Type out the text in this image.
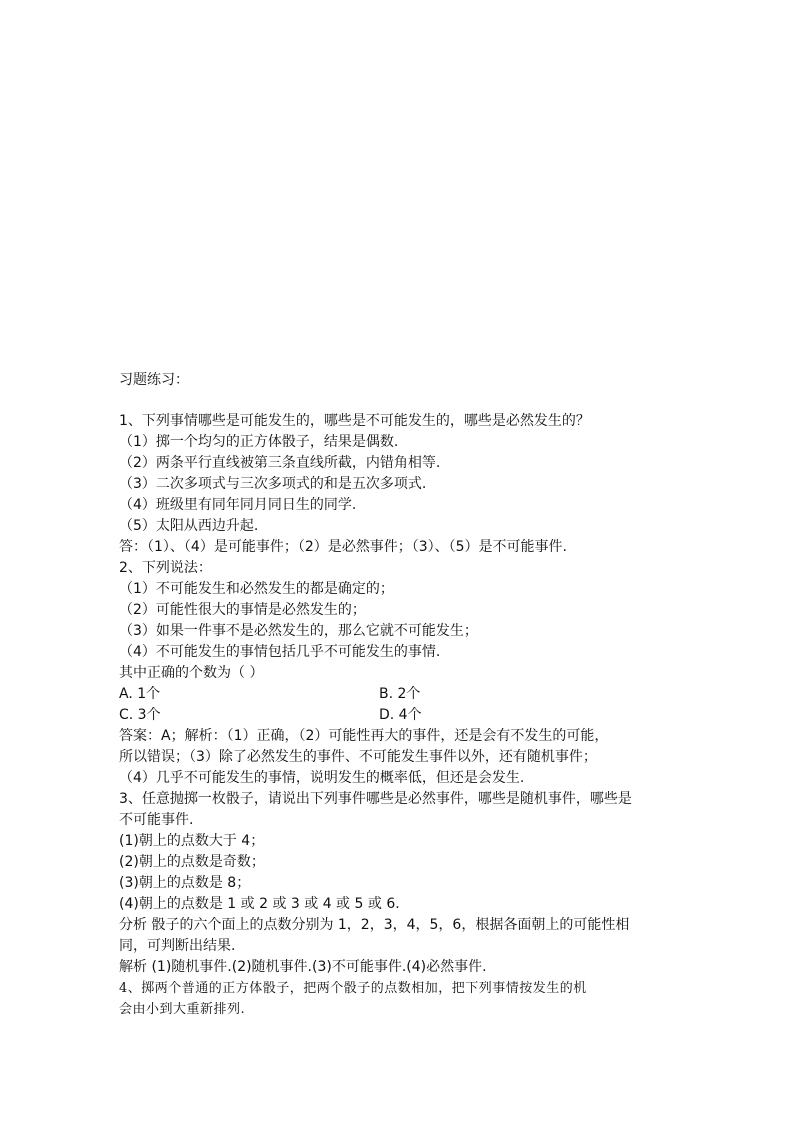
习题练习：
1、下列事情哪些是可能发生的，哪些是不可能发生的，哪些是必然发生的？
（1）掷一个均匀的正方体骰子，结果是偶数.
（2）两条平行直线被第三条直线所截，内错角相等.
（3）二次多项式与三次多项式的和是五次多项式.
（4）班级里有同年同月同日生的同学.
（5）太阳从西边升起.
答：（1）、（4）是可能事件；（2）是必然事件；（3）、（5）是不可能事件.
2、下列说法：
（1）不可能发生和必然发生的都是确定的；
（2）可能性很大的事情是必然发生的；
（3）如果一件事不是必然发生的，那么它就不可能发生；
（4）不可能发生的事情包括几乎不可能发生的事情.
其中正确的个数为（ ）
A. 1个	B. 2个
C. 3个	D. 4个
答案：A；解析：（1）正确，（2）可能性再大的事件，还是会有不发生的可能，
所以错误；（3）除了必然发生的事件、不可能发生事件以外，还有随机事件；
（4）几乎不可能发生的事情，说明发生的概率低，但还是会发生.
3、任意抛掷一枚骰子，请说出下列事件哪些是必然事件，哪些是随机事件，哪些是
不可能事件.
(1)朝上的点数大于 4；
(2)朝上的点数是奇数；
(3)朝上的点数是 8；
(4)朝上的点数是 1 或 2 或 3 或 4 或 5 或 6.
分析 骰子的六个面上的点数分别为 1，2，3，4，5，6，根据各面朝上的可能性相
同，可判断出结果.
解析 (1)随机事件.(2)随机事件.(3)不可能事件.(4)必然事件.
4、掷两个普通的正方体骰子，把两个骰子的点数相加，把下列事情按发生的机
会由小到大重新排列.
